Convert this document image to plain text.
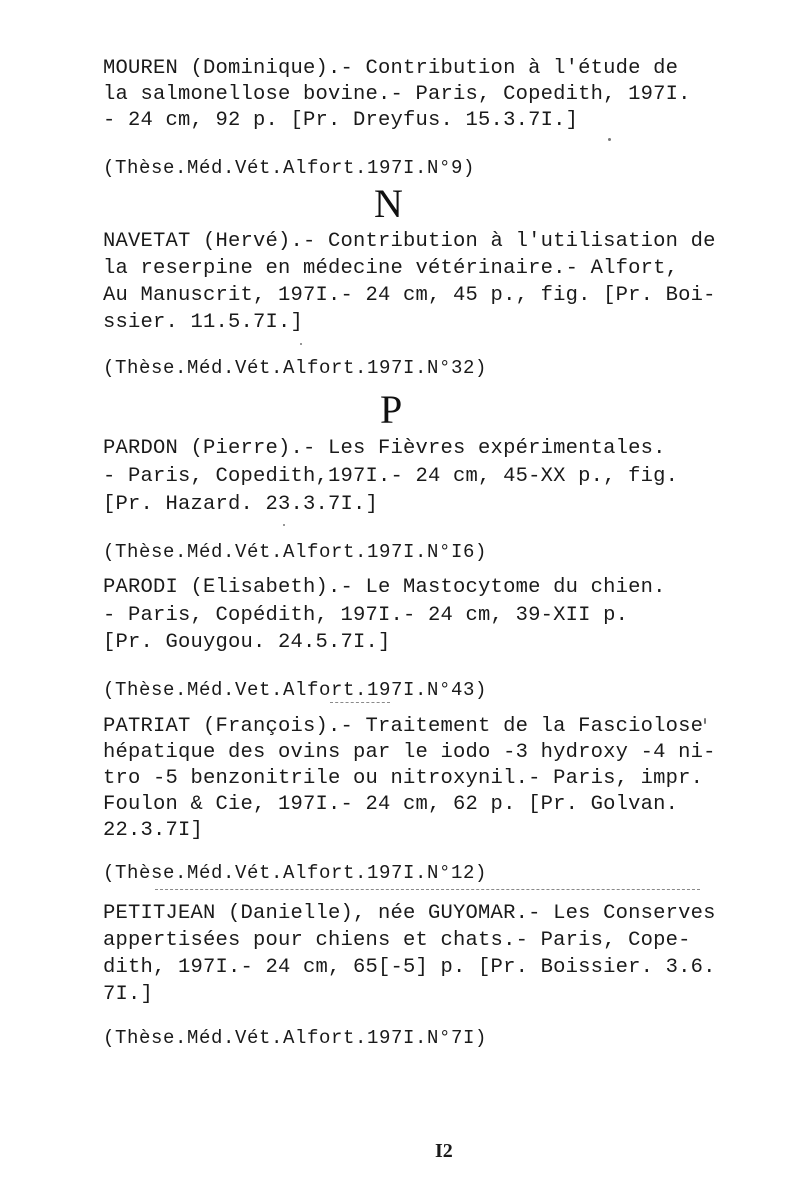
MOUREN (Dominique).- Contribution à l'étude de
la salmonellose bovine.- Paris, Copedith, 197I.
- 24 cm, 92 p. [Pr. Dreyfus. 15.3.7I.]
(Thèse.Méd.Vét.Alfort.197I.N°9)
N
NAVETAT (Hervé).- Contribution à l'utilisation de
la reserpine en médecine vétérinaire.- Alfort,
Au Manuscrit, 197I.- 24 cm, 45 p., fig. [Pr. Boi-
ssier. 11.5.7I.]
(Thèse.Méd.Vét.Alfort.197I.N°32)
P
PARDON (Pierre).- Les Fièvres expérimentales.
- Paris, Copedith,197I.- 24 cm, 45-XX p., fig.
[Pr. Hazard. 23.3.7I.]
(Thèse.Méd.Vét.Alfort.197I.N°I6)
PARODI (Elisabeth).- Le Mastocytome du chien.
- Paris, Copédith, 197I.- 24 cm, 39-XII p.
[Pr. Gouygou. 24.5.7I.]
(Thèse.Méd.Vet.Alfort.197I.N°43)
PATRIAT (François).- Traitement de la Fasciolose
hépatique des ovins par le iodo -3 hydroxy -4 ni-
tro -5 benzonitrile ou nitroxynil.- Paris, impr.
Foulon & Cie, 197I.- 24 cm, 62 p. [Pr. Golvan.
22.3.7I]
(Thèse.Méd.Vét.Alfort.197I.N°12)
PETITJEAN (Danielle), née GUYOMAR.- Les Conserves
appertisées pour chiens et chats.- Paris, Cope-
dith, 197I.- 24 cm, 65[-5] p. [Pr. Boissier. 3.6.
7I.]
(Thèse.Méd.Vét.Alfort.197I.N°7I)
I2
